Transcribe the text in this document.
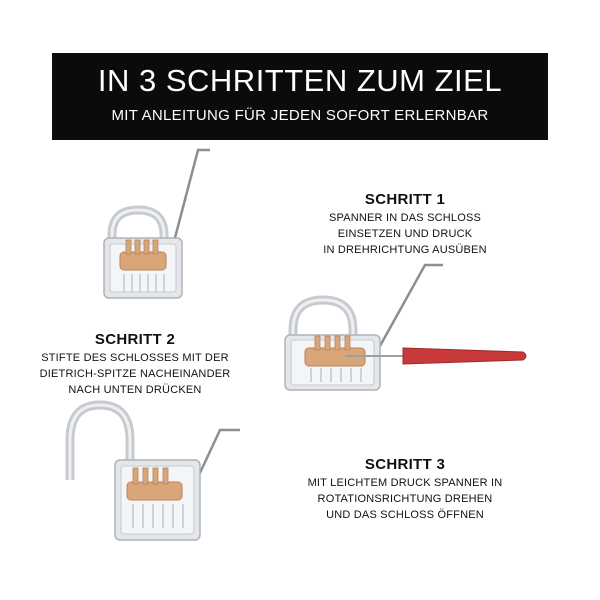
IN 3 SCHRITTEN ZUM ZIEL
MIT ANLEITUNG FÜR JEDEN SOFORT ERLERNBAR
SCHRITT 1
SPANNER IN DAS SCHLOSS
EINSETZEN UND DRUCK
IN DREHRICHTUNG AUSÜBEN
SCHRITT 2
STIFTE DES SCHLOSSES MIT DER
DIETRICH-SPITZE NACHEINANDER
NACH UNTEN DRÜCKEN
SCHRITT 3
MIT LEICHTEM DRUCK SPANNER IN
ROTATIONSRICHTUNG DREHEN
UND DAS SCHLOSS ÖFFNEN
